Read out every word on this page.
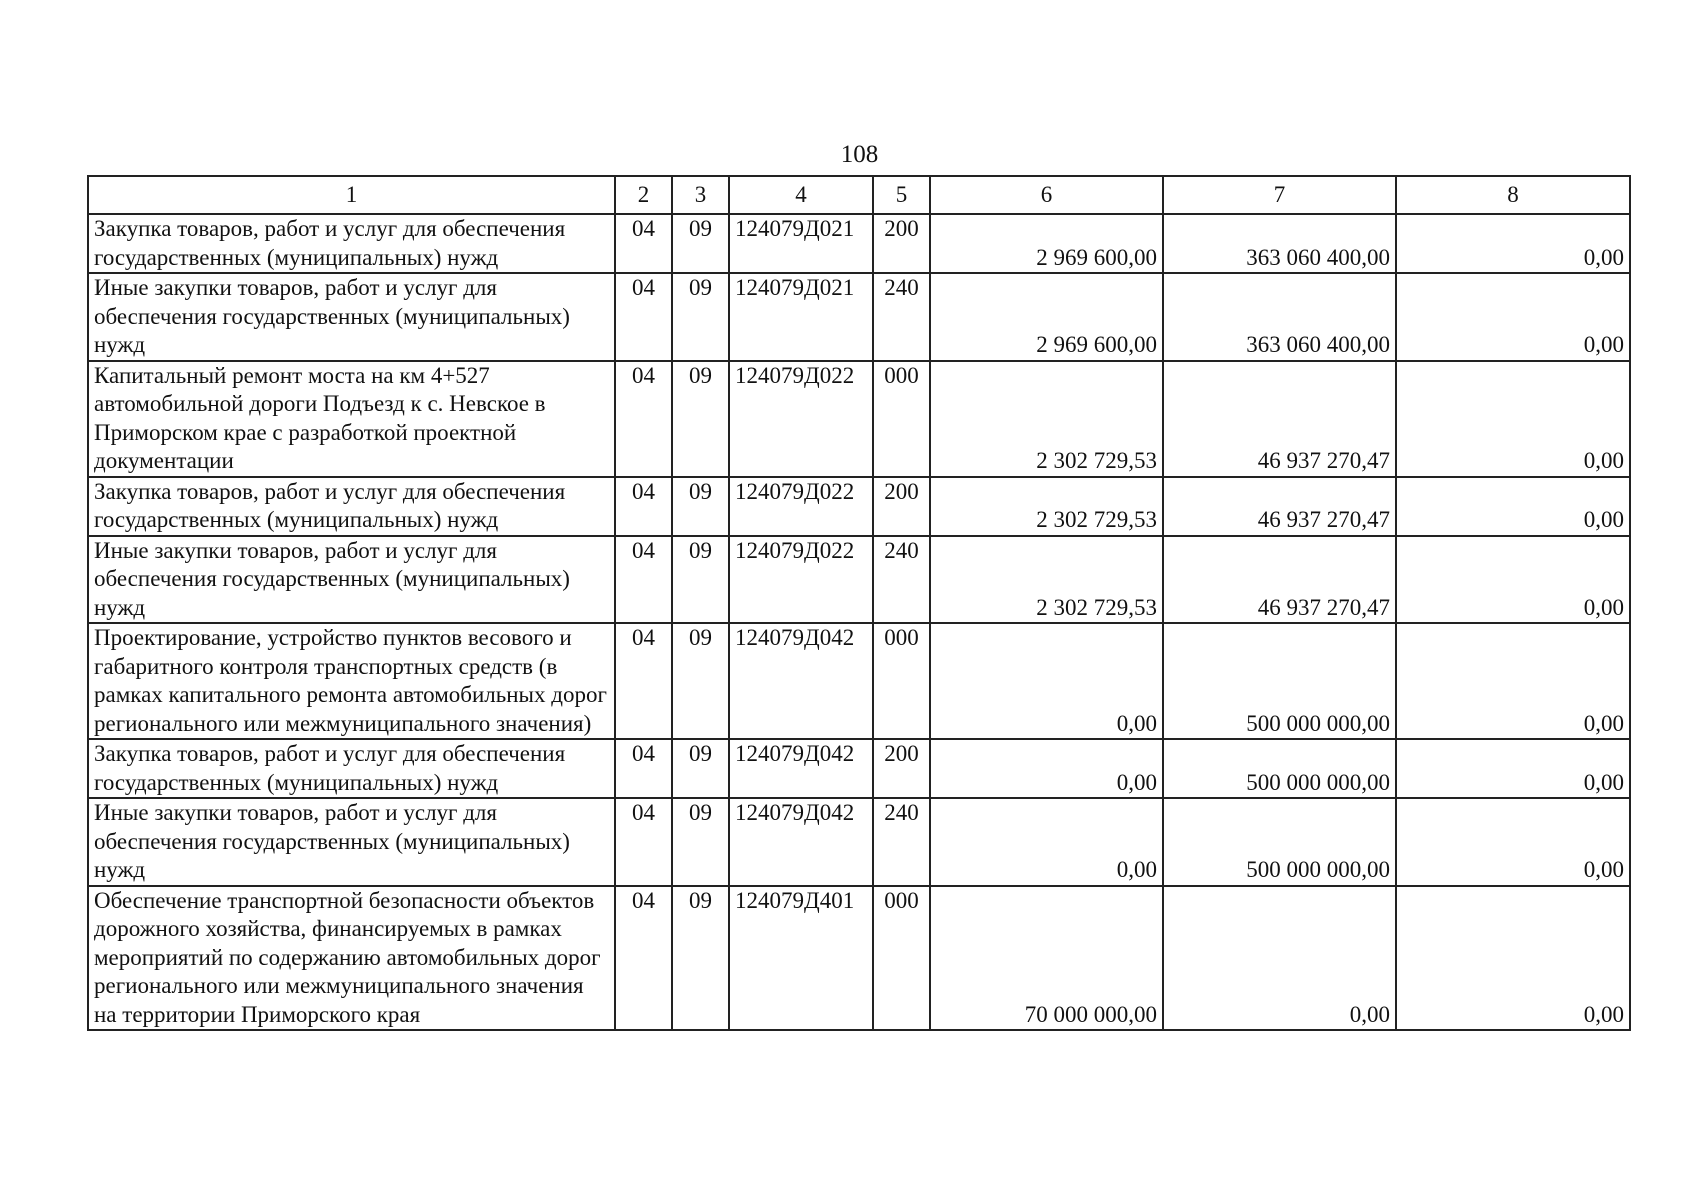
108
1	2	3	4	5	6	7	8
Закупка товаров, работ и услуг для обеспечения государственных (муниципальных) нужд	04	09	124079Д021	200	2 969 600,00	363 060 400,00	0,00
Иные закупки товаров, работ и услуг для обеспечения государственных (муниципальных) нужд	04	09	124079Д021	240	2 969 600,00	363 060 400,00	0,00
Капитальный ремонт моста на км 4+527 автомобильной дороги Подъезд к с. Невское в Приморском крае с разработкой проектной документации	04	09	124079Д022	000	2 302 729,53	46 937 270,47	0,00
Закупка товаров, работ и услуг для обеспечения государственных (муниципальных) нужд	04	09	124079Д022	200	2 302 729,53	46 937 270,47	0,00
Иные закупки товаров, работ и услуг для обеспечения государственных (муниципальных) нужд	04	09	124079Д022	240	2 302 729,53	46 937 270,47	0,00
Проектирование, устройство пунктов весового и габаритного контроля транспортных средств (в рамках капитального ремонта автомобильных дорог регионального или межмуниципального значения)	04	09	124079Д042	000	0,00	500 000 000,00	0,00
Закупка товаров, работ и услуг для обеспечения государственных (муниципальных) нужд	04	09	124079Д042	200	0,00	500 000 000,00	0,00
Иные закупки товаров, работ и услуг для обеспечения государственных (муниципальных) нужд	04	09	124079Д042	240	0,00	500 000 000,00	0,00
Обеспечение транспортной безопасности объектов дорожного хозяйства, финансируемых в рамках мероприятий по содержанию автомобильных дорог регионального или межмуниципального значения на территории Приморского края	04	09	124079Д401	000	70 000 000,00	0,00	0,00
